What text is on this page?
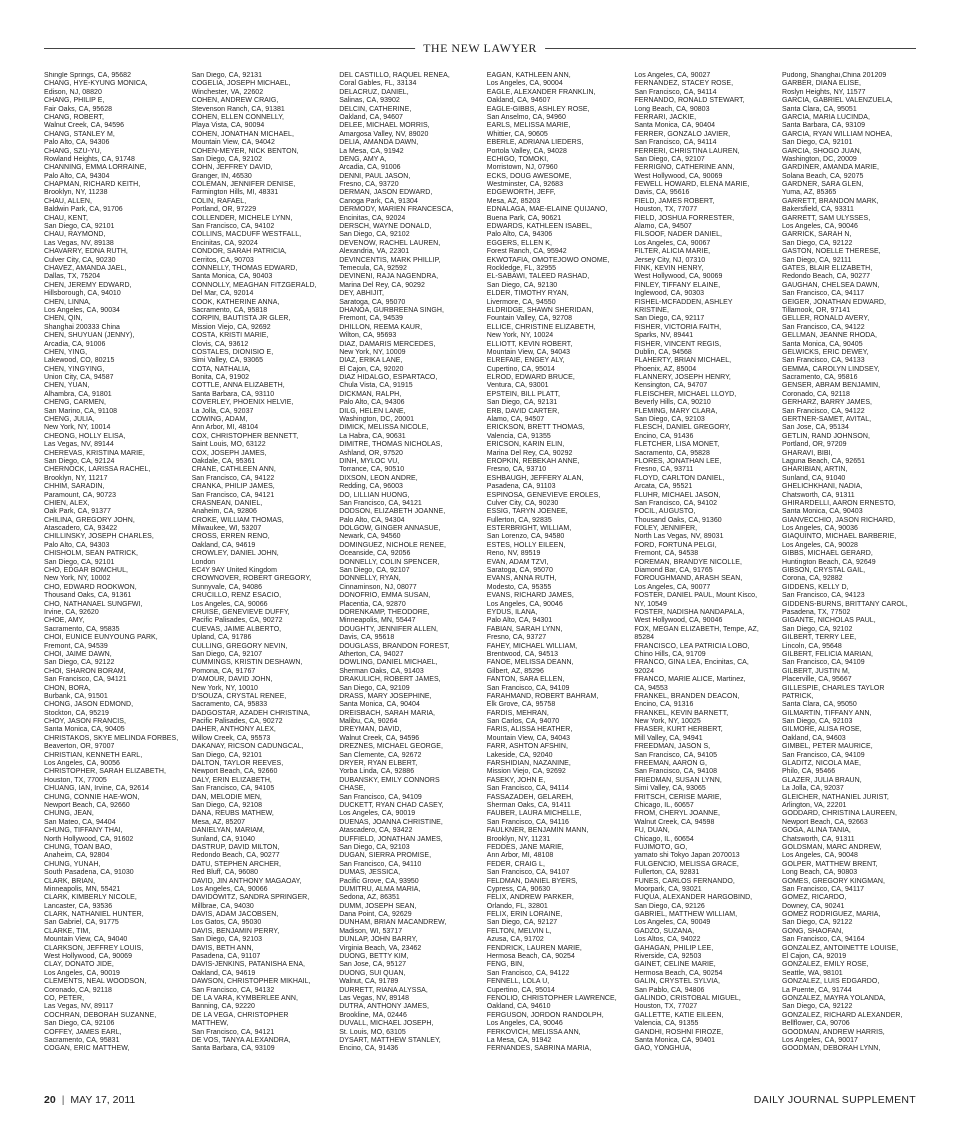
THE NEW LAWYER
Shingle Springs, CA, 95682
CHANG, HYE-KYUNG MONICA,
Edison, NJ, 08820
CHANG, PHILIP E,
Fair Oaks, CA, 95628
CHANG, ROBERT,
Walnut Creek, CA, 94596
CHANG, STANLEY M,
Palo Alto, CA, 94306
CHANG, SZU-YU,
Rowland Heights, CA, 91748
CHANNING, EMMA LORRAINE,
Palo Alto, CA, 94304
CHAPMAN, RICHARD KEITH,
Brooklyn, NY, 11238
CHAU, ALLEN,
Baldwin Park, CA, 91706
CHAU, KENT,
San Diego, CA, 92101
CHAU, RAYMOND,
Las Vegas, NV, 89138
CHAVARRY, EDNA RUTH,
Culver City, CA, 90230
CHAVEZ, AMANDA JAEL,
Dallas, TX, 75204
CHEN, JEREMY EDWARD,
Hillsborough, CA, 94010
CHEN, LINNA,
Los Angeles, CA, 90034
CHEN, QIN,
Shanghai 200333 China
CHEN, SHUYUAN (JENNY),
Arcadia, CA, 91006
CHEN, YING,
Lakewood, CO, 80215
CHEN, YINGYING,
Union City, CA, 94587
CHEN, YUAN,
Alhambra, CA, 91801
CHENG, CARMEN,
San Marino, CA, 91108
CHENG, JULIA,
New York, NY, 10014
CHEONG, HOLLY ELISA,
Las Vegas, NV, 89144
CHEREVAS, KRISTINA MARIE,
San Diego, CA, 92124
CHERNOCK, LARISSA RACHEL,
Brooklyn, NY, 11217
CHHIM, SARADIN,
Paramount, CA, 90723
CHIEN, ALEX,
Oak Park, CA, 91377
CHILINA, GREGORY JOHN,
Atascadero, CA, 93422
CHILLINSKY, JOSEPH CHARLES,
Palo Alto, CA, 94303
CHISHOLM, SEAN PATRICK,
San Diego, CA, 92101
CHO, EDGAR BOMCHUL,
New York, NY, 10002
CHO, EDWARD ROOKWON,
Thousand Oaks, CA, 91361
CHO, NATHANAEL SUNGFWI,
Irvine, CA, 92620
CHOE, AMY,
Sacramento, CA, 95835
CHOI, EUNICE EUNYOUNG PARK,
Fremont, CA, 94539
CHOI, JAIME DAWN,
San Diego, CA, 92122
CHOI, SHARON BORAM,
San Francisco, CA, 94121
CHON, BORA,
Burbank, CA, 91501
CHONG, JASON EDMOND,
Stockton, CA, 95219
CHOY, JASON FRANCIS,
Santa Monica, CA, 90405
CHRISTAKOS, SKYE MELINDA FORBES,
Beaverton, OR, 97007
CHRISTIAN, KENNETH EARL,
Los Angeles, CA, 90056
CHRISTOPHER, SARAH ELIZABETH,
Houston, TX, 77005
CHUANG, IAN, Irvine, CA, 92614
CHUNG, CONNIE HAE-WON,
Newport Beach, CA, 92660
CHUNG, JEAN,
San Mateo, CA, 94404
CHUNG, TIFFANY THAI,
North Hollywood, CA, 91602
CHUNG, TOAN BAO,
Anaheim, CA, 92804
CHUNG, YUNAH,
South Pasadena, CA, 91030
CLARK, BRIAN,
Minneapolis, MN, 55421
CLARK, KIMBERLY NICOLE,
Lancaster, CA, 93536
CLARK, NATHANIEL HUNTER,
San Gabriel, CA, 91775
CLARKE, TIM,
Mountain View, CA, 94040
CLARKSON, JEFFREY LOUIS,
West Hollywood, CA, 90069
CLAY, DONATO JIDE,
Los Angeles, CA, 90019
CLEMENTS, NEAL WOODSON,
Coronado, CA, 92118
CO, PETER,
Las Vegas, NV, 89117
COCHRAN, DEBORAH SUZANNE,
San Diego, CA, 92106
COFFEY, JAMES EARL,
Sacramento, CA, 95831
COGAN, ERIC MATTHEW,
San Diego, CA, 92131
COGELIA, JOSEPH MICHAEL,
Winchester, VA, 22602
COHEN, ANDREW CRAIG,
Stevenson Ranch, CA, 91381
COHEN, ELLEN CONNELLY,
Playa Vista, CA, 90094
COHEN, JONATHAN MICHAEL,
Mountain View, CA, 94042
COHEN-MEYER, NICK BENTON,
San Diego, CA, 92102
COHN, JEFFREY DAVID,
Granger, IN, 46530
COLEMAN, JENNIFER DENISE,
Farmington Hills, MI, 48331
COLIN, RAFAEL,
Portland, OR, 97229
COLLENDER, MICHELE LYNN,
San Francisco, CA, 94102
COLLINS, MACDUFF WESTFALL,
Encinitas, CA, 92024
CONDOR, SARAH PATRICIA,
Cerritos, CA, 90703
CONNELLY, THOMAS EDWARD,
Santa Monica, CA, 90403
CONNOLLY, MEAGHAN FITZGERALD,
Del Mar, CA, 92014
COOK, KATHERINE ANNA,
Sacramento, CA, 95818
CORPIN, BAUTISTA JR GLER,
Mission Viejo, CA, 92692
COSTA, KRISTI MARIE,
Clovis, CA, 93612
COSTALES, DIONISIO E,
Simi Valley, CA, 93065
COTA, NATHALIA,
Bonita, CA, 91902
COTTLE, ANNA ELIZABETH,
Santa Barbara, CA, 93110
COVERLEY, PHOENIX HELVIE,
La Jolla, CA, 92037
COWING, ADAM,
Ann Arbor, MI, 48104
COX, CHRISTOPHER BENNETT,
Saint Louis, MO, 63122
COX, JOSEPH JAMES,
Oakdale, CA, 95361
CRANE, CATHLEEN ANN,
San Francisco, CA, 94122
CRANKA, PHILIP JAMES,
San Francisco, CA, 94121
CRASNEAN, DANIEL,
Anaheim, CA, 92806
CROKE, WILLIAM THOMAS,
Milwaukee, WI, 53207
CROSS, ERREN RENO,
Oakland, CA, 94619
CROWLEY, DANIEL JOHN,
London
EC4Y 9AY United Kingdom
CROWNOVER, ROBERT GREGORY,
Sunnyvale, CA, 94086
CRUCILLO, RENZ ESACIO,
Los Angeles, CA, 90066
CRUISE, GENEVIEVE DUFFY,
Pacific Palisades, CA, 90272
CUEVAS, JAIME ALBERTO,
Upland, CA, 91786
CULLING, GREGORY NEVIN,
San Diego, CA, 92107
CUMMINGS, KRISTIN DESHAWN,
Pomona, CA, 91767
D'AMOUR, DAVID JOHN,
New York, NY, 10010
D'SOUZA, CRYSTAL RENEE,
Sacramento, CA, 95833
DADGOSTAR, AZADEH CHRISTINA,
Pacific Palisades, CA, 90272
DAHER, ANTHONY ALEX,
Willow Creek, CA, 95573
DAKANAY, RICSON CADUNGCAL,
San Diego, CA, 92101
DALTON, TAYLOR REEVES,
Newport Beach, CA, 92660
DALY, ERIN ELIZABETH,
San Francisco, CA, 94105
DAN, MELODIE MEN,
San Diego, CA, 92108
DANA, REUBS MATHEW,
Mesa, AZ, 85207
DANIELYAN, MARIAM,
Sunland, CA, 91040
DASTRUP, DAVID MILTON,
Redondo Beach, CA, 90277
DATU, STEPHEN ARCHER,
Red Bluff, CA, 96080
DAVID, JIN ANTHONY MAGAOAY,
Los Angeles, CA, 90066
DAVIDOWITZ, SANDRA SPRINGER,
Millbrae, CA, 94030
DAVIS, ADAM JACOBSEN,
Los Gatos, CA, 95030
DAVIS, BENJAMIN PERRY,
San Diego, CA, 92103
DAVIS, BETH ANN,
Pasadena, CA, 91107
DAVIS-JENKINS, PATANISHA ENA,
Oakland, CA, 94619
DAWSON, CHRISTOPHER MIKHAIL,
San Francisco, CA, 94132
DE LA VARA, KYMBERLEE ANN,
Banning, CA, 92220
DE LA VEGA, CHRISTOPHER
MATTHEW,
San Francisco, CA, 94121
DE VOS, TANYA ALEXANDRA,
Santa Barbara, CA, 93109
DEL CASTILLO, RAQUEL RENEA,
Coral Gables, FL, 33134
DELACRUZ, DANIEL,
Salinas, CA, 93902
DELCIN, CATHERINE,
Oakland, CA, 94607
DELEE, MICHAEL MORRIS,
Amargosa Valley, NV, 89020
DELIA, AMANDA DAWN,
La Mesa, CA, 91942
DENG, AMY A,
Arcadia, CA, 91006
DENNI, PAUL JASON,
Fresno, CA, 93720
DERMAN, JASON EDWARD,
Canoga Park, CA, 91304
DERMODY, MARIEN FRANCESCA,
Encinitas, CA, 92024
DERSCH, WAYNE DONALD,
San Diego, CA, 92102
DEVENOW, RACHEL LAUREN,
Alexandria, VA, 22301
DEVINCENTIS, MARK PHILLIP,
Temecula, CA, 92592
DEVINENI, RAJA NAGENDRA,
Marina Del Rey, CA, 90292
DEY, ABHIJIT,
Saratoga, CA, 95070
DHANOA, GURBREENA SINGH,
Fremont, CA, 94539
DHILLON, REEMA KAUR,
Wilton, CA, 95693
DIAZ, DAMARIS MERCEDES,
New York, NY, 10009
DIAZ, ERIKA LANE,
El Cajon, CA, 92020
DIAZ HIDALGO, ESPARTACO,
Chula Vista, CA, 91915
DICKMAN, RALPH,
Palo Alto, CA, 94306
DILG, HELEN LANE,
Washington, DC, 20001
DIMICK, MELISSA NICOLE,
La Habra, CA, 90631
DIMITRE, THOMAS NICHOLAS,
Ashland, OR, 97520
DINH, MYLOC VU,
Torrance, CA, 90510
DIXSON, LEON ANDRE,
Redding, CA, 96003
DO, LILLIAN HUONG,
San Francisco, CA, 94121
DODSON, ELIZABETH JOANNE,
Palo Alto, CA, 94304
DOLGOW, GINGER ANNASUE,
Newark, CA, 94560
DOMINGUEZ, NICHOLE RENEE,
Oceanside, CA, 92056
DONNELLY, COLIN SPENCER,
San Diego, CA, 92107
DONNELLY, RYAN,
Cinnaminson, NJ, 08077
DONOFRIO, EMMA SUSAN,
Placentia, CA, 92870
DORENKAMP, THEODORE,
Minneapolis, MN, 55447
DOUGHTY, JENNIFER ALLEN,
Davis, CA, 95618
DOUGLASS, BRANDON FOREST,
Atherton, CA, 94027
DOWLING, DANIEL MICHAEL,
Sherman Oaks, CA, 91403
DRAKULICH, ROBERT JAMES,
San Diego, CA, 92109
DRASS, MARY JOSEPHINE,
Santa Monica, CA, 90404
DREISBACH, SARAH MARIA,
Malibu, CA, 90264
DREYMAN, DAVID,
Walnut Creek, CA, 94596
DREZNES, MICHAEL GEORGE,
San Clemente, CA, 92672
DRYER, RYAN ELBERT,
Yorba Linda, CA, 92886
DUBANSKY, EMILY CONNORS
CHASE,
San Francisco, CA, 94109
DUCKETT, RYAN CHAD CASEY,
Los Angeles, CA, 90019
DUENAS, JOANNA CHRISTINE,
Atascadero, CA, 93422
DUFFIELD, JONATHAN JAMES,
San Diego, CA, 92103
DUGAN, SIERRA PROMISE,
San Francisco, CA, 94110
DUMAS, JESSICA,
Pacific Grove, CA, 93950
DUMITRU, ALMA MARIA,
Sedona, AZ, 86351
DUMM, JOSEPH SEAN,
Dana Point, CA, 92629
DUNHAM, BRIAN MACANDREW,
Madison, WI, 53717
DUNLAP, JOHN BARRY,
Virginia Beach, VA, 23462
DUONG, BETTY KIM,
San Jose, CA, 95127
DUONG, SUI QUAN,
Walnut, CA, 91789
DURRETT, RIANA ALYSSA,
Las Vegas, NV, 89148
DUTRA, ANTHONY JAMES,
Brookline, MA, 02446
DUVALL, MICHAEL JOSEPH,
St. Louis, MO, 63105
DYSART, MATTHEW STANLEY,
Encino, CA, 91436
EAGAN, KATHLEEN ANN,
Los Angeles, CA, 90004
EAGLE, ALEXANDER FRANKLIN,
Oakland, CA, 94607
EAGLE-GIBBS, ASHLEY ROSE,
San Anselmo, CA, 94960
EARLS, MELISSA MARIE,
Whittier, CA, 90605
EBERLE, ADRIANA LIEDERS,
Portola Valley, CA, 94028
ECHIGO, TOMOKI,
Morristown, NJ, 07960
ECKS, DOUG AWESOME,
Westminster, CA, 92683
EDGEWORTH, JEFF,
Mesa, AZ, 85203
EDNALAGA, MAE-ELAINE QUIJANO,
Buena Park, CA, 90621
EDWARDS, KATHLEEN ISABEL,
Palo Alto, CA, 94306
EGGERS, ELLEN K,
Forest Ranch, CA, 95942
EKWOTAFIA, OMOTEJOWO ONOME,
Rockledge, FL, 32955
EL-SABAWI, TALEED RASHAD,
San Diego, CA, 92130
ELDER, TIMOTHY RYAN,
Livermore, CA, 94550
ELDRIDGE, SHAWN SHERIDAN,
Fountain Valley, CA, 92708
ELLICE, CHRISTINE ELIZABETH,
New York, NY, 10024
ELLIOTT, KEVIN ROBERT,
Mountain View, CA, 94043
ELREFAIE, ENGEY ALY,
Cupertino, CA, 95014
ELROD, EDWARD BRUCE,
Ventura, CA, 93001
EPSTEIN, BILL PLATT,
San Diego, CA, 92131
ERB, DAVID CARTER,
Alamo, CA, 94507
ERICKSON, BRETT THOMAS,
Valencia, CA, 91355
ERICSON, KARIN ELIN,
Marina Del Rey, CA, 90292
EROPKIN, REBEKAH ANNE,
Fresno, CA, 93710
ESHBAUGH, JEFFERY ALAN,
Pasadena, CA, 91103
ESPINOSA, GENEVIEVE EROLES,
Culver City, CA, 90230
ESSIG, TARYN JOENEE,
Fullerton, CA, 92835
ESTERBRIGHT, WILLIAM,
San Lorenzo, CA, 94580
ESTES, HOLLY EILEEN,
Reno, NV, 89519
EVAN, ADAM TZVI,
Saratoga, CA, 95070
EVANS, ANNA RUTH,
Modesto, CA, 95355
EVANS, RICHARD JAMES,
Los Angeles, CA, 90046
EYDUS, ILANA,
Palo Alto, CA, 94301
FABIAN, SARAH LYNN,
Fresno, CA, 93727
FAHEY, MICHAEL WILLIAM,
Brentwood, CA, 94513
FANOE, MELISSA DEANN,
Gilbert, AZ, 85296
FANTON, SARA ELLEN,
San Francisco, CA, 94109
FARAHMAND, ROBERT BAHRAM,
Elk Grove, CA, 95758
FARDIS, MEHRAN,
San Carlos, CA, 94070
FARIS, ALISSA HEATHER,
Mountain View, CA, 94043
FARR, ASHTON AFSHIN,
Lakeside, CA, 92040
FARSHIDIAN, NAZANINE,
Mission Viejo, CA, 92692
FASEKY, JOHN E,
San Francisco, CA, 94114
FASSAZADEH, GELAREH,
Sherman Oaks, CA, 91411
FAUBER, LAURA MICHELLE,
San Francisco, CA, 94116
FAULKNER, BENJAMIN MANN,
Brooklyn, NY, 11231
FEDDES, JANE MARIE,
Ann Arbor, MI, 48108
FEDER, CRAIG L,
San Francisco, CA, 94107
FELDMAN, DANIEL BYERS,
Cypress, CA, 90630
FELIX, ANDREW PARKER,
Orlando, FL, 32801
FELIX, ERIN LORAINE,
San Diego, CA, 92127
FELTON, MELVIN L,
Azusa, CA, 91702
FENDRICK, LAUREN MARIE,
Hermosa Beach, CA, 90254
FENG, BIN,
San Francisco, CA, 94122
FENNELL, LOLA U,
Cupertino, CA, 95014
FENOLIO, CHRISTOPHER LAWRENCE,
Oakland, CA, 94610
FERGUSON, JORDON RANDOLPH,
Los Angeles, CA, 90046
FERKOVICH, MELISSA ANN,
La Mesa, CA, 91942
FERNANDES, SABRINA MARIA,
Los Angeles, CA, 90027
FERNANDEZ, STACEY ROSE,
San Francisco, CA, 94114
FERNANDO, RONALD STEWART,
Long Beach, CA, 90803
FERRARI, JACKIE,
Santa Monica, CA, 90404
FERRER, GONZALO JAVIER,
San Francisco, CA, 94114
FERRERI, CHRISTINA LAUREN,
San Diego, CA, 92107
FERRIGNO, CATHERINE ANN,
West Hollywood, CA, 90069
FEWELL HOWARD, ELENA MARIE,
Davis, CA, 95616
FIELD, JAMES ROBERT,
Houston, TX, 77077
FIELD, JOSHUA FORRESTER,
Alamo, CA, 94507
FILSOOF, NADER DANIEL,
Los Angeles, CA, 90067
FILTER, ALICIA MARIE,
Jersey City, NJ, 07310
FINK, KEVIN HENRY,
West Hollywood, CA, 90069
FINLEY, TIFFANY ELAINE,
Inglewood, CA, 90303
FISHEL-MCFADDEN, ASHLEY
KRISTINE,
San Diego, CA, 92117
FISHER, VICTORIA FAITH,
Sparks, NV, 89441
FISHER, VINCENT REGIS,
Dublin, CA, 94568
FLAHERTY, BRIAN MICHAEL,
Phoenix, AZ, 85004
FLANNERY, JOSEPH HENRY,
Kensington, CA, 94707
FLEISCHER, MICHAEL LLOYD,
Beverly Hills, CA, 90210
FLEMING, MARY CLARA,
San Diego, CA, 92103
FLESCH, DANIEL GREGORY,
Encino, CA, 91436
FLETCHER, LISA MONET,
Sacramento, CA, 95828
FLORES, JONATHAN LEE,
Fresno, CA, 93711
FLOYD, CARLTON DANIEL,
Arcata, CA, 95521
FLUHR, MICHAEL JASON,
San Francisco, CA, 94102
FOCIL, AUGUSTO,
Thousand Oaks, CA, 91360
FOLEY, JENNIFER,
North Las Vegas, NV, 89031
FORD, FORTUNA PELGI,
Fremont, CA, 94538
FOREMAN, BRANDYE NICOLLE,
Diamond Bar, CA, 91765
FOROUGHMAND, ARASH SEAN,
Los Angeles, CA, 90077
FOSTER, DANIEL PAUL, Mount Kisco,
NY, 10549
FOSTER, NADISHA NANDAPALA,
West Hollywood, CA, 90046
FOX, MEGAN ELIZABETH, Tempe, AZ,
85284
FRANCISCO, LEA PATRICIA LOBO,
Chino Hills, CA, 91709
FRANCO, GINA LEA, Encinitas, CA,
92024
FRANCO, MARIE ALICE, Martinez,
CA, 94553
FRANKEL, BRANDEN DEACON,
Encino, CA, 91316
FRANKEL, KEVIN BARNETT,
New York, NY, 10025
FRASER, KURT HERBERT,
Mill Valley, CA, 94941
FREEDMAN, JASON S,
San Francisco, CA, 94105
FREEMAN, AARON G,
San Francisco, CA, 94108
FRIEDMAN, SUSAN LYNN,
Simi Valley, CA, 93065
FRITSCH, CERISE MARIE,
Chicago, IL, 60657
FROM, CHERYL JOANNE,
Walnut Creek, CA, 94598
FU, DUAN,
Chicago, IL, 60654
FUJIMOTO, GO,
yamato shi Tokyo Japan 2070013
FULGENCIO, MELISSA GRACE,
Fullerton, CA, 92831
FUNES, CARLOS FERNANDO,
Moorpark, CA, 93021
FUQUA, ALEXANDER HARGOBIND,
San Diego, CA, 92126
GABRIEL, MATTHEW WILLIAM,
Los Angeles, CA, 90049
GADZO, SUZANA,
Los Altos, CA, 94022
GAHAGAN, PHILIP LEE,
Riverside, CA, 92503
GAINET, CELINE MARIE,
Hermosa Beach, CA, 90254
GALIN, CRYSTEL SYLVIA,
San Pablo, CA, 94806
GALINDO, CRISTOBAL MIGUEL,
Houston, TX, 77027
GALLETTE, KATIE EILEEN,
Valencia, CA, 91355
GANDHI, ROSHNI FIROZE,
Santa Monica, CA, 90401
GAO, YONGHUA,
Pudong, Shanghai,China 201209
GARBER, DIANA ELISE,
Roslyn Heights, NY, 11577
GARCIA, GABRIEL VALENZUELA,
Santa Clara, CA, 95051
GARCIA, MARIA LUCINDA,
Santa Barbara, CA, 93109
GARCIA, RYAN WILLIAM NOHEA,
San Diego, CA, 92101
GARCIA, SHOGO JUAN,
Washington, DC, 20009
GARDINER, AMANDA MARIE,
Solana Beach, CA, 92075
GARDNER, SARA GLEN,
Yuma, AZ, 85365
GARRETT, BRANDON MARK,
Bakersfield, CA, 93311
GARRETT, SAM ULYSSES,
Los Angeles, CA, 90046
GARRICK, SARAH N,
San Diego, CA, 92122
GASTON, NOELLE THERESE,
San Diego, CA, 92111
GATES, BLAIR ELIZABETH,
Redondo Beach, CA, 90277
GAUGHAN, CHELSEA DAWN,
San Francisco, CA, 94117
GEIGER, JONATHAN EDWARD,
Tillamook, OR, 97141
GELLER, RONALD AVERY,
San Francisco, CA, 94122
GELLMAN, JEANNE RHODA,
Santa Monica, CA, 90405
GELWICKS, ERIC DEWEY,
San Francisco, CA, 94133
GEMMA, CAROLYN LINDSEY,
Sacramento, CA, 95816
GENSER, ABRAM BENJAMIN,
Coronado, CA, 92118
GERHARZ, BARRY JAMES,
San Francisco, CA, 94122
GERTNER-SAMET, AVITAL,
San Jose, CA, 95134
GETLIN, RAND JOHNSON,
Portland, OR, 97209
GHARAVI, BIBI,
Laguna Beach, CA, 92651
GHARIBIAN, ARTIN,
Sunland, CA, 91040
GHELICHKHANI, NADIA,
Chatsworth, CA, 91311
GHIRARDELLI, AARON ERNESTO,
Santa Monica, CA, 90403
GIANVECCHIO, JASON RICHARD,
Los Angeles, CA, 90036
GIAQUINTO, MICHAEL BARBERIE,
Los Angeles, CA, 90028
GIBBS, MICHAEL GERARD,
Huntington Beach, CA, 92649
GIBSON, CRYSTAL GAIL,
Corona, CA, 92882
GIDDENS, KELLY D,
San Francisco, CA, 94123
GIDDENS-BURNS, BRITTANY CAROL,
Pasadena, TX, 77502
GIGANTE, NICHOLAS PAUL,
San Diego, CA, 92102
GILBERT, TERRY LEE,
Lincoln, CA, 95648
GILBERT, FELICIA MARIAN,
San Francisco, CA, 94109
GILBERT, JUSTIN M,
Placerville, CA, 95667
GILLESPIE, CHARLES TAYLOR
PATRICK,
Santa Clara, CA, 95050
GILMARTIN, TIFFANY ANN,
San Diego, CA, 92103
GILMORE, ALISA ROSE,
Oakland, CA, 94603
GIMBEL, PETER MAURICE,
San Francisco, CA, 94109
GLADITZ, NICOLA MAE,
Philo, CA, 95466
GLAZER, JULIA BRAUN,
La Jolla, CA, 92037
GLEICHER, NATHANIEL JURIST,
Arlington, VA, 22201
GODDARD, CHRISTINA LAUREEN,
Newport Beach, CA, 92663
GOGA, ALINA TANIA,
Chatsworth, CA, 91311
GOLDSMAN, MARC ANDREW,
Los Angeles, CA, 90048
GOLPER, MATTHEW BRENT,
Long Beach, CA, 90803
GOMES, GREGORY KINGMAN,
San Francisco, CA, 94117
GOMEZ, RICARDO,
Downey, CA, 90241
GOMEZ RODRIGUEZ, MARIA,
San Diego, CA, 92122
GONG, SHAOFAN,
San Francisco, CA, 94164
GONZALEZ, ANTOINETTE LOUISE,
El Cajon, CA, 92019
GONZALEZ, EMILY ROSE,
Seattle, WA, 98101
GONZALEZ, LUIS EDGARDO,
La Puente, CA, 91744
GONZALEZ, MAYRA YOLANDA,
San Diego, CA, 92122
GONZALEZ, RICHARD ALEXANDER,
Bellflower, CA, 90706
GOODMAN, ANDREW HARRIS,
Los Angeles, CA, 90017
GOODMAN, DEBORAH LYNN,
20 | MAY 17, 2011	DAILY JOURNAL SUPPLEMENT
